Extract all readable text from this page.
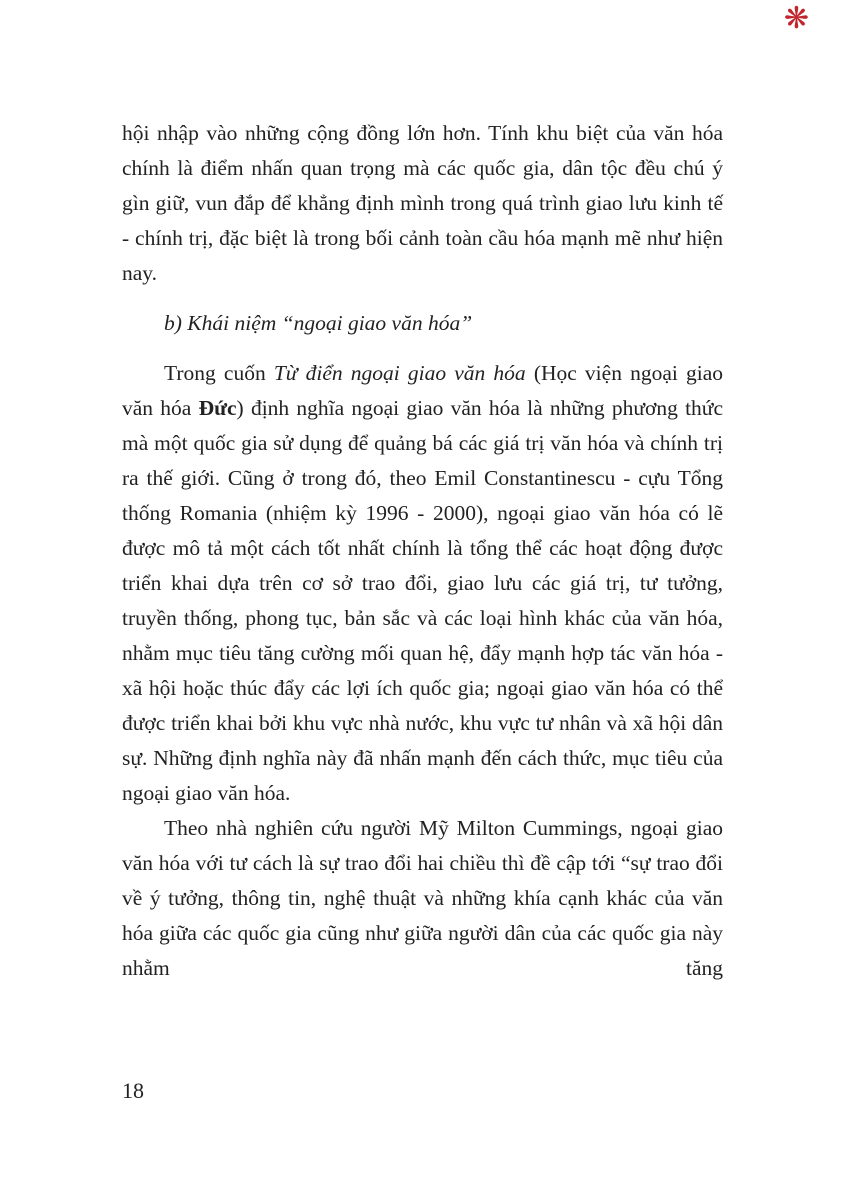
❋

hội nhập vào những cộng đồng lớn hơn. Tính khu biệt của văn hóa chính là điểm nhấn quan trọng mà các quốc gia, dân tộc đều chú ý gìn giữ, vun đắp để khẳng định mình trong quá trình giao lưu kinh tế - chính trị, đặc biệt là trong bối cảnh toàn cầu hóa mạnh mẽ như hiện nay.

b) Khái niệm “ngoại giao văn hóa”

Trong cuốn Từ điển ngoại giao văn hóa (Học viện ngoại giao văn hóa Đức) định nghĩa ngoại giao văn hóa là những phương thức mà một quốc gia sử dụng để quảng bá các giá trị văn hóa và chính trị ra thế giới. Cũng ở trong đó, theo Emil Constantinescu - cựu Tổng thống Romania (nhiệm kỳ 1996 - 2000), ngoại giao văn hóa có lẽ được mô tả một cách tốt nhất chính là tổng thể các hoạt động được triển khai dựa trên cơ sở trao đổi, giao lưu các giá trị, tư tưởng, truyền thống, phong tục, bản sắc và các loại hình khác của văn hóa, nhằm mục tiêu tăng cường mối quan hệ, đẩy mạnh hợp tác văn hóa - xã hội hoặc thúc đẩy các lợi ích quốc gia; ngoại giao văn hóa có thể được triển khai bởi khu vực nhà nước, khu vực tư nhân và xã hội dân sự. Những định nghĩa này đã nhấn mạnh đến cách thức, mục tiêu của ngoại giao văn hóa.

Theo nhà nghiên cứu người Mỹ Milton Cummings, ngoại giao văn hóa với tư cách là sự trao đổi hai chiều thì đề cập tới “sự trao đổi về ý tưởng, thông tin, nghệ thuật và những khía cạnh khác của văn hóa giữa các quốc gia cũng như giữa người dân của các quốc gia này nhằm tăng

18
